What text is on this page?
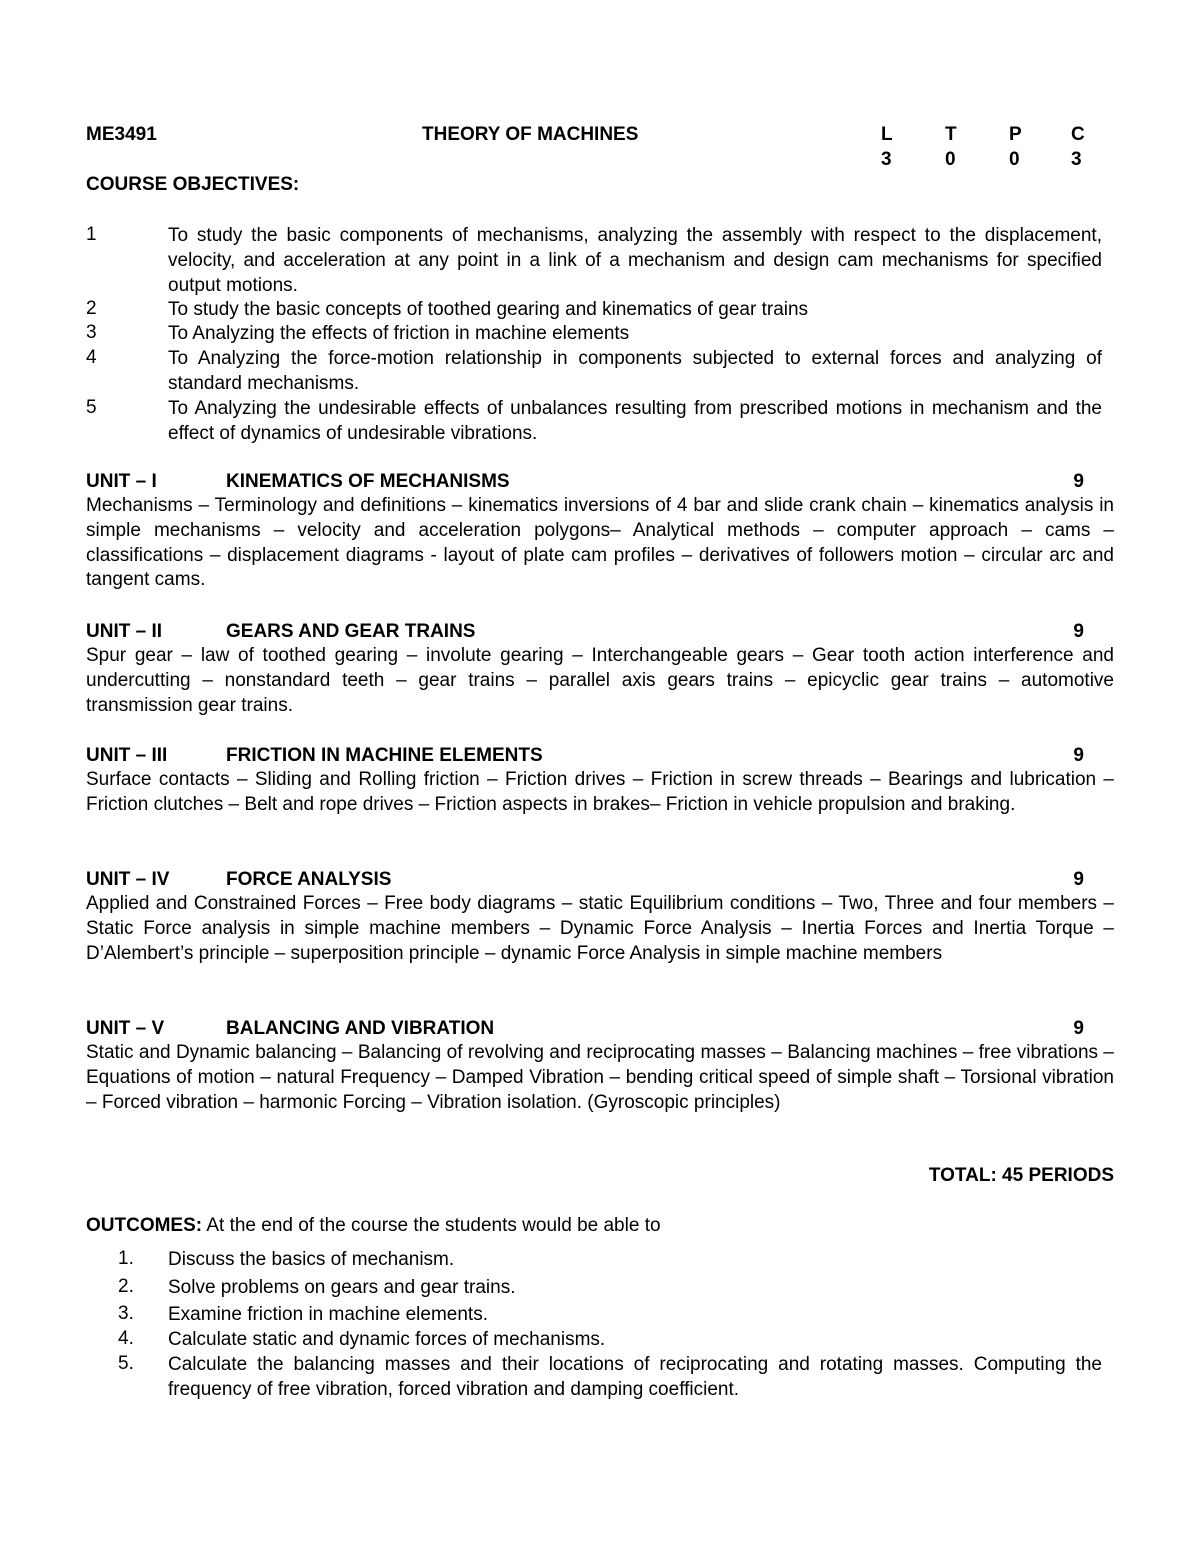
ME3491	THEORY OF MACHINES	L	T	P	C
3	0	0	3
COURSE OBJECTIVES:
1	To study the basic components of mechanisms, analyzing the assembly with respect to the displacement, velocity, and acceleration at any point in a link of a mechanism and design cam mechanisms for specified output motions.
2	To study the basic concepts of toothed gearing and kinematics of gear trains
3	To Analyzing the effects of friction in machine elements
4	To Analyzing the force-motion relationship in components subjected to external forces and analyzing of standard mechanisms.
5	To Analyzing the undesirable effects of unbalances resulting from prescribed motions in mechanism and the effect of dynamics of undesirable vibrations.
UNIT – I	KINEMATICS OF MECHANISMS	9
Mechanisms – Terminology and definitions – kinematics inversions of 4 bar and slide crank chain – kinematics analysis in simple mechanisms – velocity and acceleration polygons– Analytical methods – computer approach – cams – classifications – displacement diagrams - layout of plate cam profiles – derivatives of followers motion – circular arc and tangent cams.
UNIT – II	GEARS AND GEAR TRAINS	9
Spur gear – law of toothed gearing – involute gearing – Interchangeable gears – Gear tooth action interference and undercutting – nonstandard teeth – gear trains – parallel axis gears trains – epicyclic gear trains – automotive transmission gear trains.
UNIT – III	FRICTION IN MACHINE ELEMENTS	9
Surface contacts – Sliding and Rolling friction – Friction drives – Friction in screw threads – Bearings and lubrication – Friction clutches – Belt and rope drives – Friction aspects in brakes– Friction in vehicle propulsion and braking.
UNIT – IV	FORCE ANALYSIS	9
Applied and Constrained Forces – Free body diagrams – static Equilibrium conditions – Two, Three and four members – Static Force analysis in simple machine members – Dynamic Force Analysis – Inertia Forces and Inertia Torque – D’Alembert’s principle – superposition principle – dynamic Force Analysis in simple machine members
UNIT – V	BALANCING AND VIBRATION	9
Static and Dynamic balancing – Balancing of revolving and reciprocating masses – Balancing machines – free vibrations – Equations of motion – natural Frequency – Damped Vibration – bending critical speed of simple shaft – Torsional vibration – Forced vibration – harmonic Forcing – Vibration isolation. (Gyroscopic principles)
TOTAL: 45 PERIODS
OUTCOMES: At the end of the course the students would be able to
1. Discuss the basics of mechanism.
2. Solve problems on gears and gear trains.
3. Examine friction in machine elements.
4. Calculate static and dynamic forces of mechanisms.
5. Calculate the balancing masses and their locations of reciprocating and rotating masses. Computing the frequency of free vibration, forced vibration and damping coefficient.
